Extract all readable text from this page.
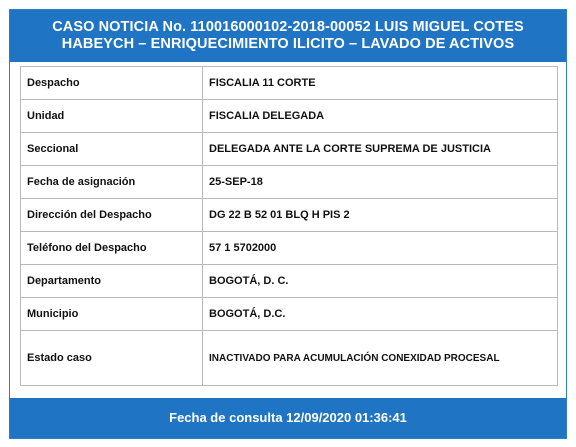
CASO NOTICIA No. 110016000102-2018-00052 LUIS MIGUEL COTES
HABEYCH – ENRIQUECIMIENTO ILICITO – LAVADO DE ACTIVOS
Despacho	FISCALIA 11 CORTE
Unidad	FISCALIA DELEGADA
Seccional	DELEGADA ANTE LA CORTE SUPREMA DE JUSTICIA
Fecha de asignación	25-SEP-18
Dirección del Despacho	DG 22 B 52 01 BLQ H PIS 2
Teléfono del Despacho	57 1 5702000
Departamento	BOGOTÁ, D. C.
Municipio	BOGOTÁ, D.C.
Estado caso	INACTIVADO PARA ACUMULACIÓN CONEXIDAD PROCESAL
Fecha de consulta 12/09/2020 01:36:41
